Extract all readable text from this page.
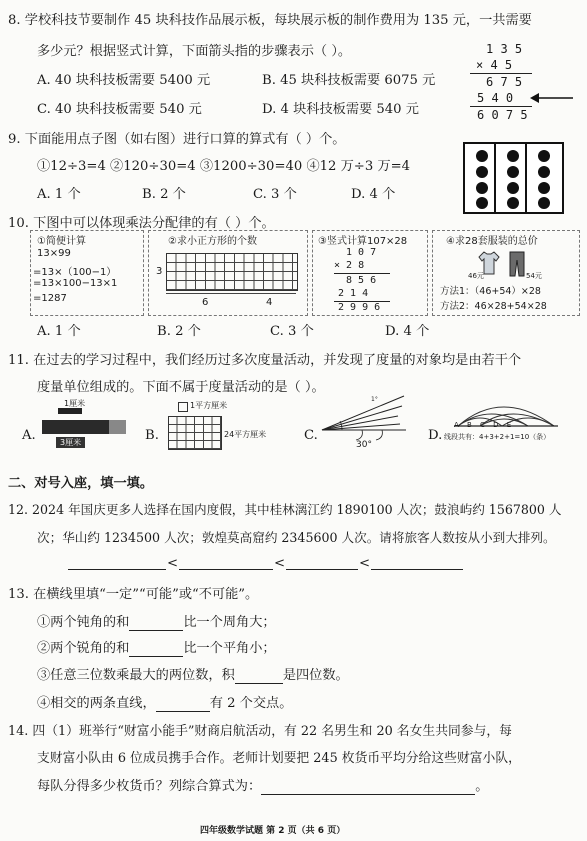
8. 学校科技节要制作 45 块科技作品展示板，每块展示板的制作费用为 135 元，一共需要
多少元？根据竖式计算，下面箭头指的步骤表示（ ）。
A. 40 块科技板需要 5400 元	B. 45 块科技板需要 6075 元
C. 40 块科技板需要 540 元	D. 4 块科技板需要 540 元
1 3 5
× 4 5
6 7 5
5 4 0
6 0 7 5
9. 下面能用点子图（如右图）进行口算的算式有（ ）个。
①12÷3=4 ②120÷30=4 ③1200÷30=40 ④12 万÷3 万=4
A. 1 个	B. 2 个	C. 3 个	D. 4 个
10. 下图中可以体现乘法分配律的有（ ）个。
①简便计算
13×99
=13×（100−1）
=13×100−13×1
=1287
②求小正方形的个数
3
6	4
③竖式计算107×28
1 0 7
× 2 8
8 5 6
2 1 4
2 9 9 6
④求28套服装的总价
46元	54元
方法1：（46+54）×28
方法2：46×28+54×28
A. 1 个	B. 2 个	C. 3 个	D. 4 个
11. 在过去的学习过程中，我们经历过多次度量活动，并发现了度量的对象均是由若干个
度量单位组成的。下面不属于度量活动的是（ ）。
A.
1厘米
3厘米	B.
1平方厘米
24平方厘米	C.
1°
30°
D.
A B C D E
线段共有：4+3+2+1=10（条）
二、对号入座，填一填。
12. 2024 年国庆更多人选择在国内度假，其中桂林漓江约 1890100 人次；鼓浪屿约 1567800 人
次；华山约 1234500 人次；敦煌莫高窟约 2345600 人次。请将旅客人数按从小到大排列。
<	<	<
13. 在横线里填“一定”“可能”或“不可能”。
①两个钝角的和	比一个周角大；
②两个锐角的和	比一个平角小；
③任意三位数乘最大的两位数，积	是四位数。
④相交的两条直线，	有 2 个交点。
14. 四（1）班举行“财富小能手”财商启航活动，有 22 名男生和 20 名女生共同参与，每
支财富小队由 6 位成员携手合作。老师计划要把 245 枚货币平均分给这些财富小队，
每队分得多少枚货币？列综合算式为：	。
四年级数学试题 第 2 页（共 6 页）
